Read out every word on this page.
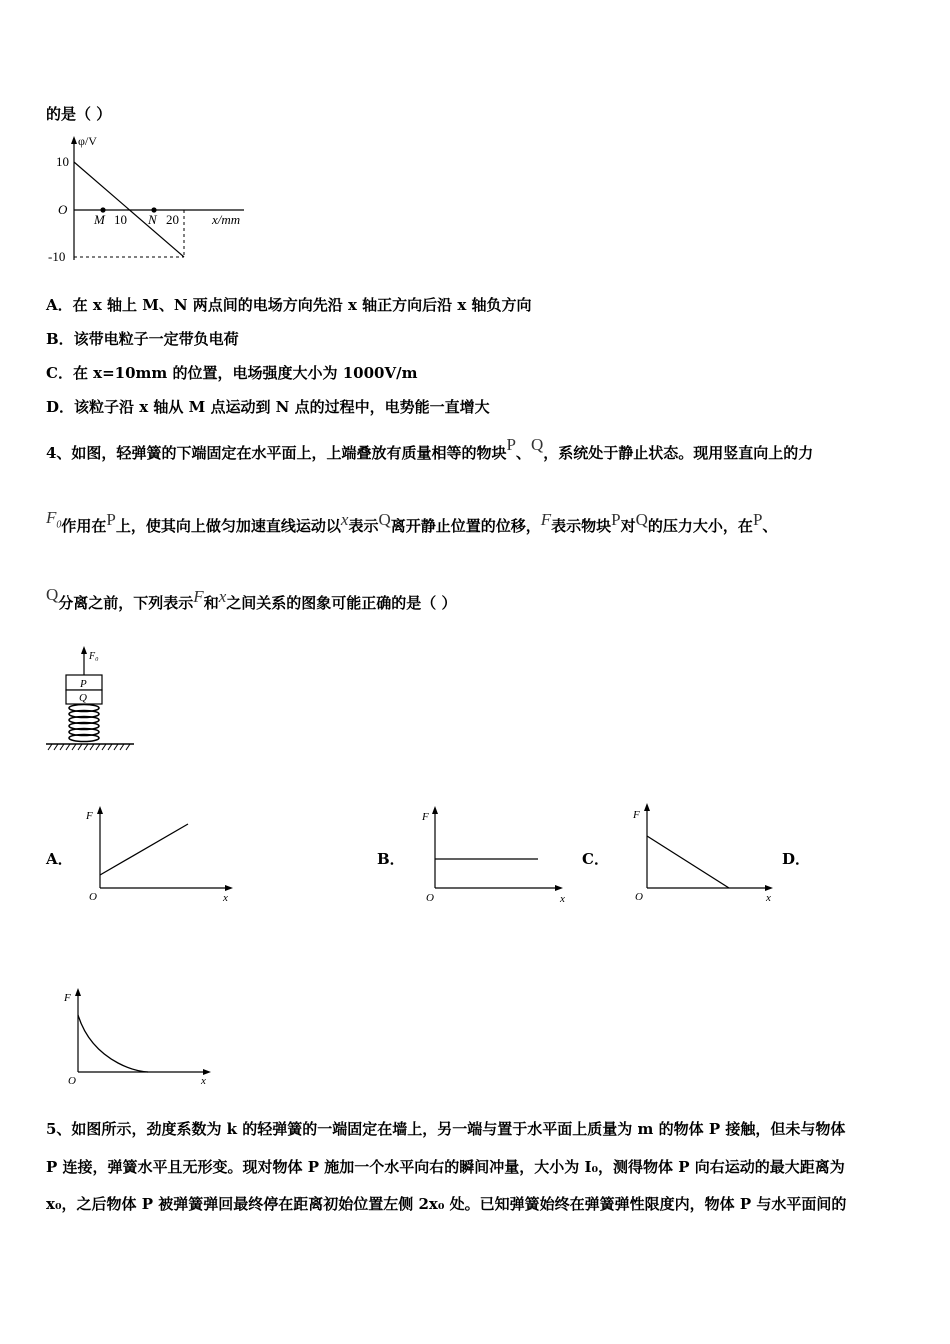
的是（ ）
φ/V
10
O
-10
M 10 N 20	x/mm
A．在 x 轴上 M、N 两点间的电场方向先沿 x 轴正方向后沿 x 轴负方向
B．该带电粒子一定带负电荷
C．在 x=10mm 的位置，电场强度大小为 1000V/m
D．该粒子沿 x 轴从 M 点运动到 N 点的过程中，电势能一直增大
4、如图，轻弹簧的下端固定在水平面上，上端叠放有质量相等的物块P、Q，系统处于静止状态。现用竖直向上的力
$F_0$作用在P上，使其向上做匀加速直线运动以x表示Q离开静止位置的位移，F表示物块P对Q的压力大小，在P、
Q分离之前，下列表示F和x之间关系的图象可能正确的是（ ）
F₀
P
Q
A．	B．	C．	D．
F
O	x
F
O	x
F
O	x
F
O	x
5、如图所示，劲度系数为 k 的轻弹簧的一端固定在墙上，另一端与置于水平面上质量为 m 的物体 P 接触，但未与物体
P 连接，弹簧水平且无形变。现对物体 P 施加一个水平向右的瞬间冲量，大小为 I₀，测得物体 P 向右运动的最大距离为
x₀，之后物体 P 被弹簧弹回最终停在距离初始位置左侧 2x₀ 处。已知弹簧始终在弹簧弹性限度内，物体 P 与水平面间的
